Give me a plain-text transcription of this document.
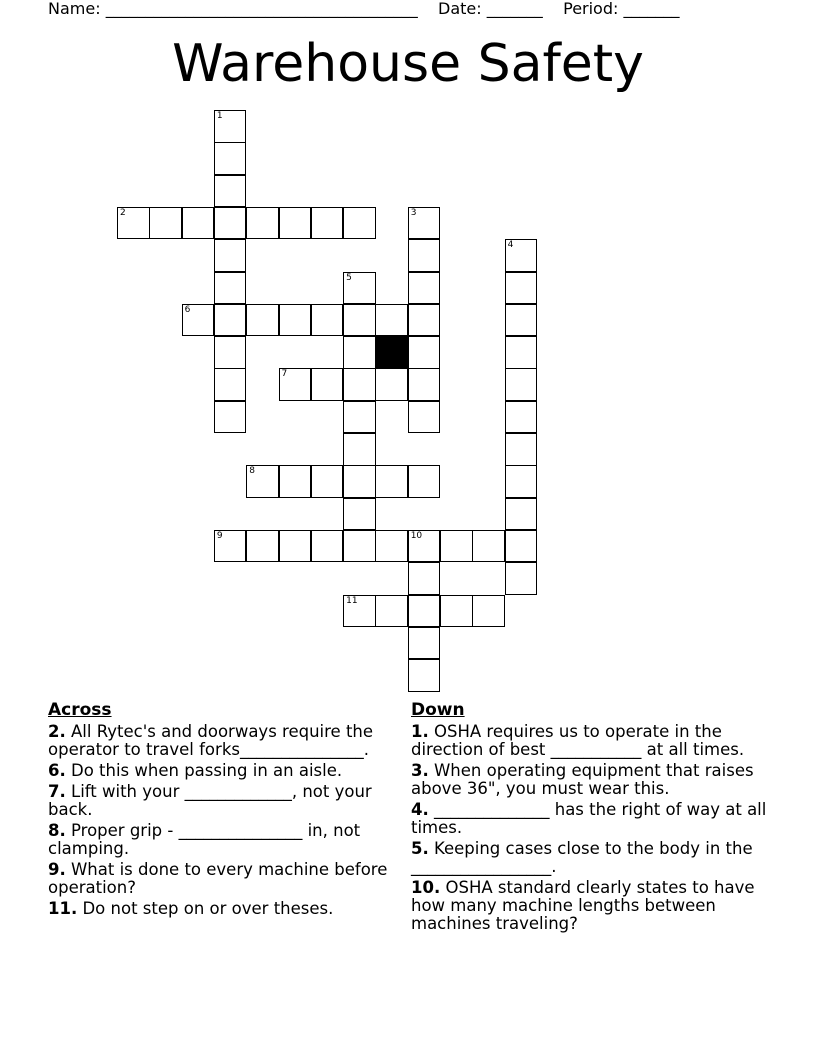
Name: _______________________________________ Date: _______ Period: _______
Warehouse Safety
1
2	3
4
5
6
7
8
9	10
11
Across
2. All Rytec's and doorways require the operator to travel forks_______________.
6. Do this when passing in an aisle.
7. Lift with your _____________, not your back.
8. Proper grip - _______________ in, not clamping.
9. What is done to every machine before operation?
11. Do not step on or over theses.
Down
1. OSHA requires us to operate in the direction of best ___________ at all times.
3. When operating equipment that raises above 36", you must wear this.
4. ______________ has the right of way at all times.
5. Keeping cases close to the body in the _________________.
10. OSHA standard clearly states to have how many machine lengths between machines traveling?
